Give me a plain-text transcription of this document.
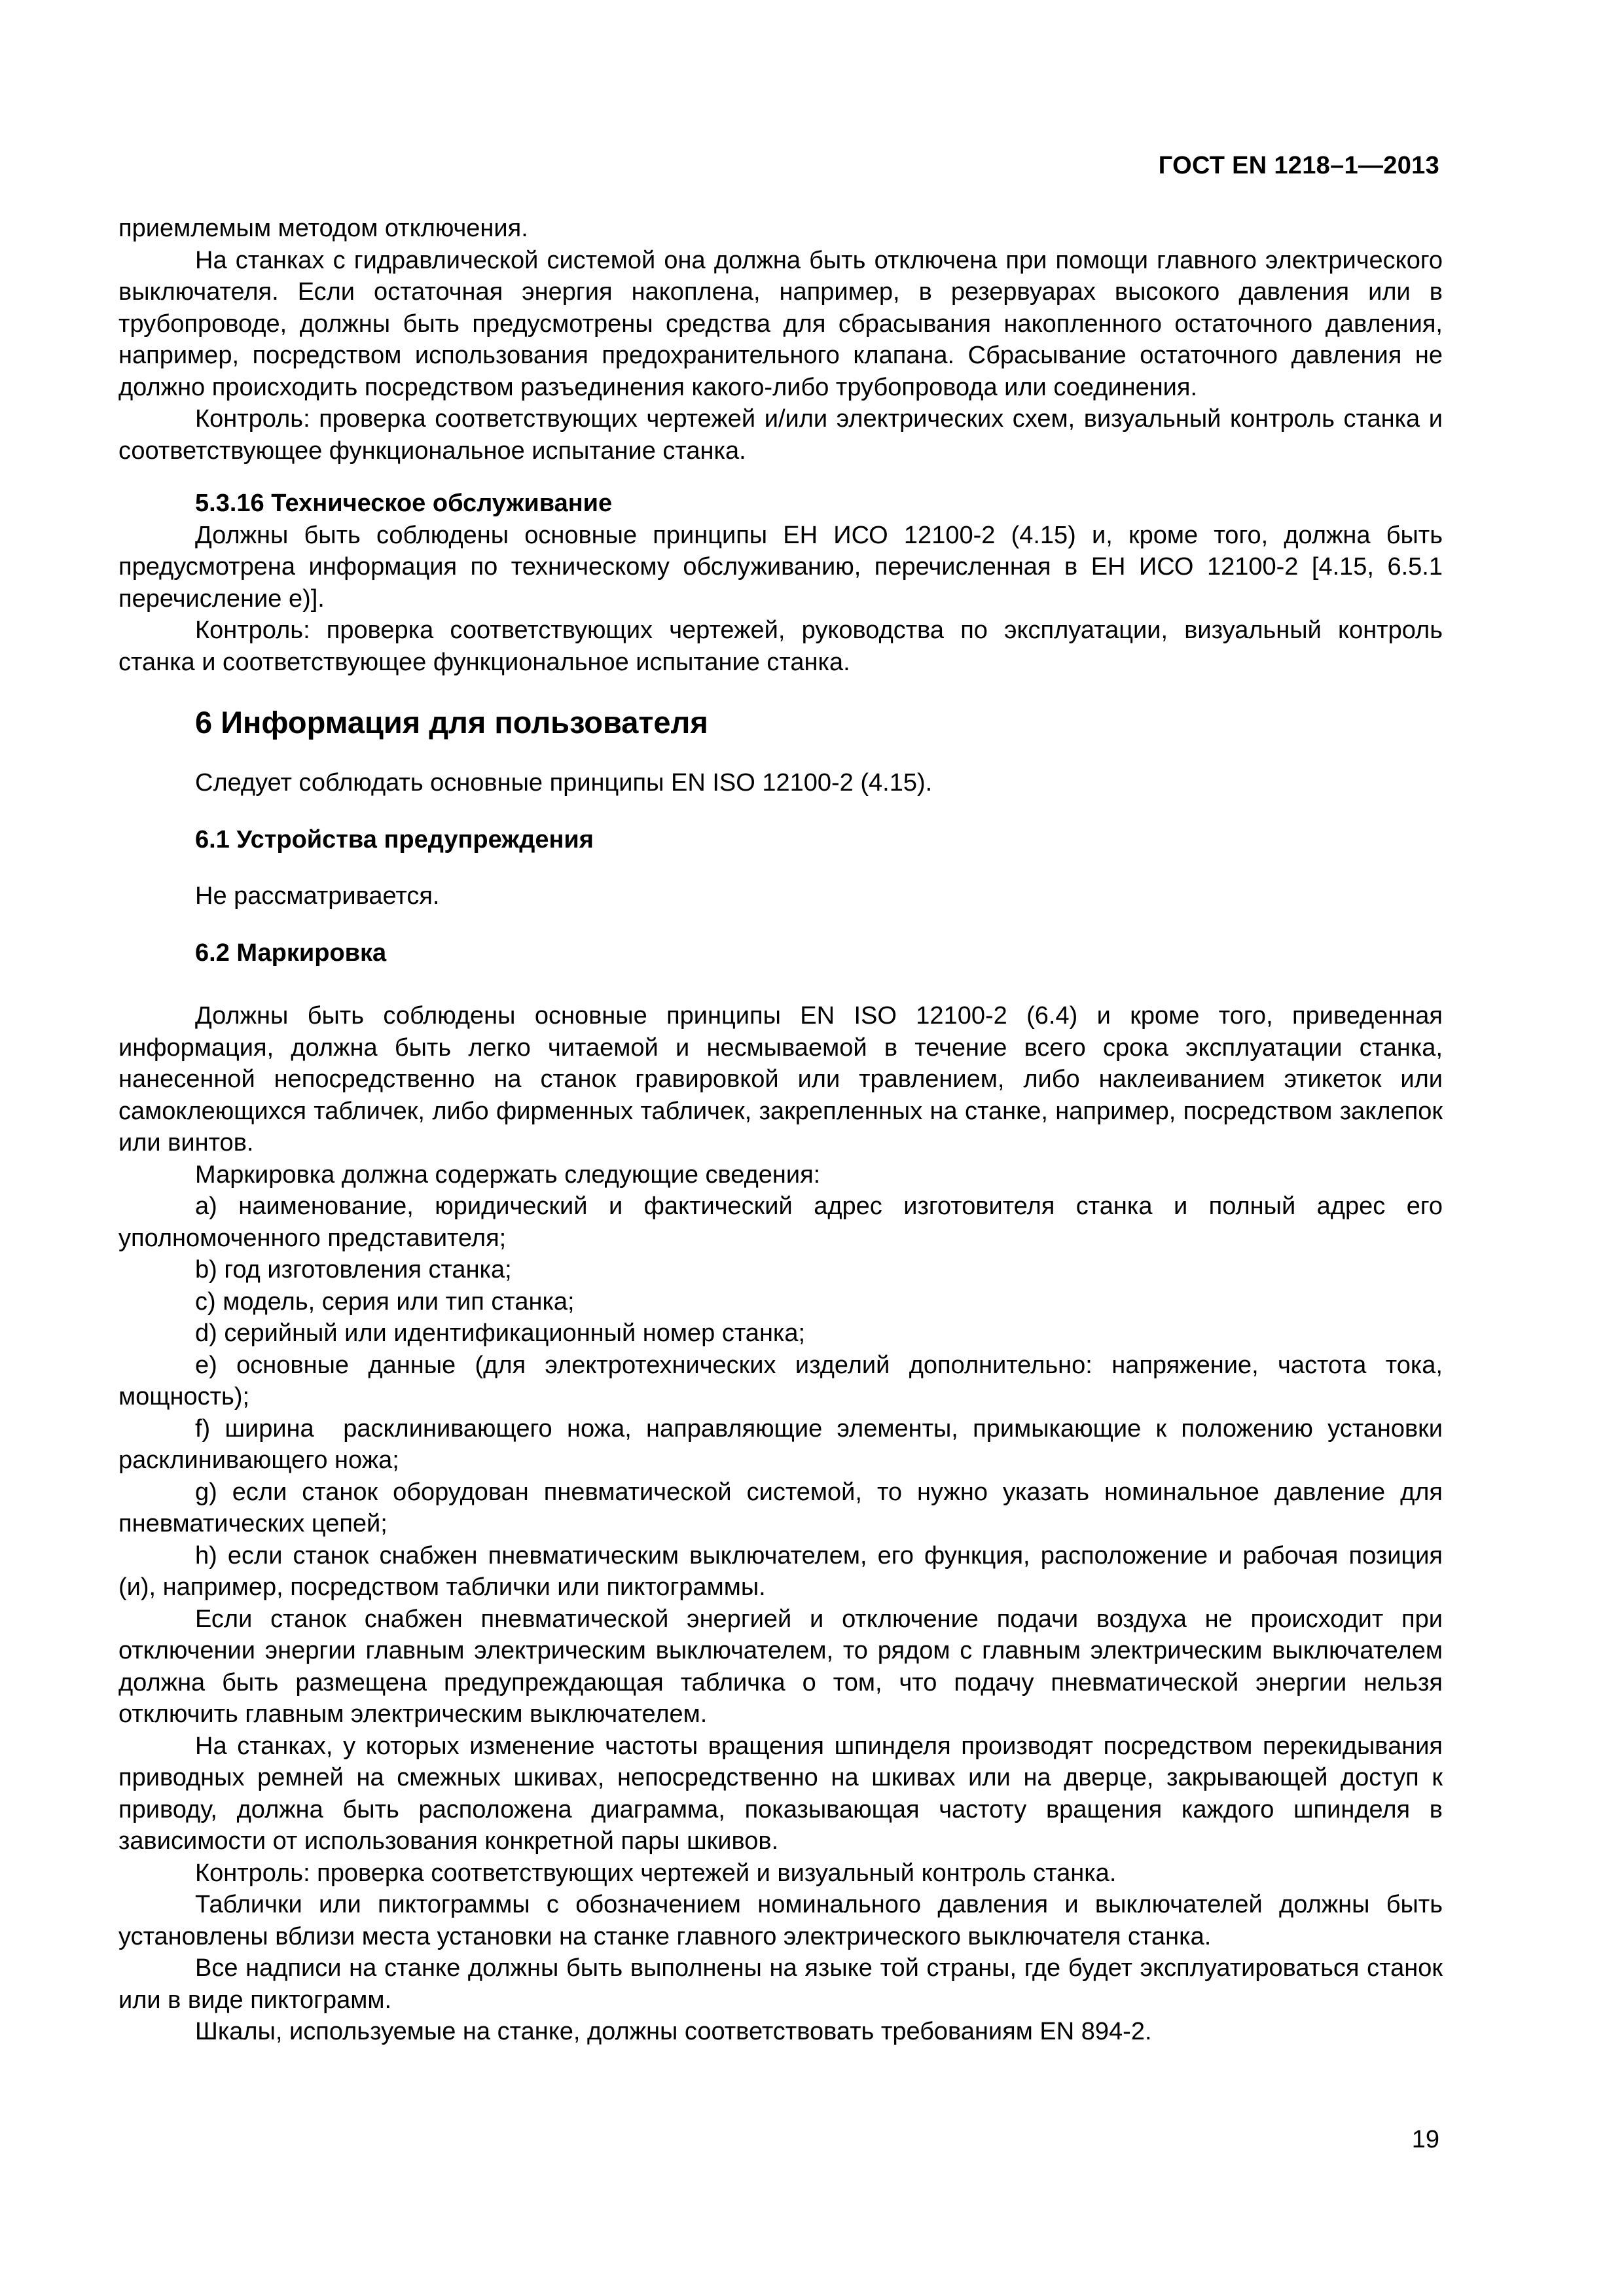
ГОСТ EN 1218–1—2013

приемлемым методом отключения.

На станках с гидравлической системой она должна быть отключена при помощи главного электрического выключателя. Если остаточная энергия накоплена, например, в резервуарах высокого давления или в трубопроводе, должны быть предусмотрены средства для сбрасывания накопленного остаточного давления, например, посредством использования предохранительного клапана. Сбрасывание остаточного давления не должно происходить посредством разъединения какого-либо трубопровода или соединения.

Контроль: проверка соответствующих чертежей и/или электрических схем, визуальный контроль станка и соответствующее функциональное испытание станка.

5.3.16 Техническое обслуживание

Должны быть соблюдены основные принципы ЕН ИСО 12100-2 (4.15) и, кроме того, должна быть предусмотрена информация по техническому обслуживанию, перечисленная в ЕН ИСО 12100-2 [4.15, 6.5.1 перечисление е)].

Контроль: проверка соответствующих чертежей, руководства по эксплуатации, визуальный контроль станка и соответствующее функциональное испытание станка.

6 Информация для пользователя

Следует соблюдать основные принципы EN ISO 12100-2 (4.15).

6.1 Устройства предупреждения

Не рассматривается.

6.2 Маркировка

Должны быть соблюдены основные принципы EN ISO 12100-2 (6.4) и кроме того, приведенная информация, должна быть легко читаемой и несмываемой в течение всего срока эксплуатации станка, нанесенной непосредственно на станок гравировкой или травлением, либо наклеиванием этикеток или самоклеющихся табличек, либо фирменных табличек, закрепленных на станке, например, посредством заклепок или винтов.

Маркировка должна содержать следующие сведения:

a) наименование, юридический и фактический адрес изготовителя станка и полный адрес его уполномоченного представителя;

b) год изготовления станка;

c) модель, серия или тип станка;

d) серийный или идентификационный номер станка;

e) основные данные (для электротехнических изделий дополнительно: напряжение, частота тока, мощность);

f) ширина  расклинивающего ножа, направляющие элементы, примыкающие к положению установки расклинивающего ножа;

g) если станок оборудован пневматической системой, то нужно указать номинальное давление для пневматических цепей;

h) если станок снабжен пневматическим выключателем, его функция, расположение и рабочая позиция (и), например, посредством таблички или пиктограммы.

Если станок снабжен пневматической энергией и отключение подачи воздуха не происходит при отключении энергии главным электрическим выключателем, то рядом с главным электрическим выключателем должна быть размещена предупреждающая табличка о том, что подачу пневматической энергии нельзя отключить главным электрическим выключателем.

На станках, у которых изменение частоты вращения шпинделя производят посредством перекидывания приводных ремней на смежных шкивах, непосредственно на шкивах или на дверце, закрывающей доступ к приводу, должна быть расположена диаграмма, показывающая частоту вращения каждого шпинделя в зависимости от использования конкретной пары шкивов.

Контроль: проверка соответствующих чертежей и визуальный контроль станка.

Таблички или пиктограммы с обозначением номинального давления и выключателей должны быть установлены вблизи места установки на станке главного электрического выключателя станка.

Все надписи на станке должны быть выполнены на языке той страны, где будет эксплуатироваться станок или в виде пиктограмм.

Шкалы, используемые на станке, должны соответствовать требованиям EN 894-2.

19
